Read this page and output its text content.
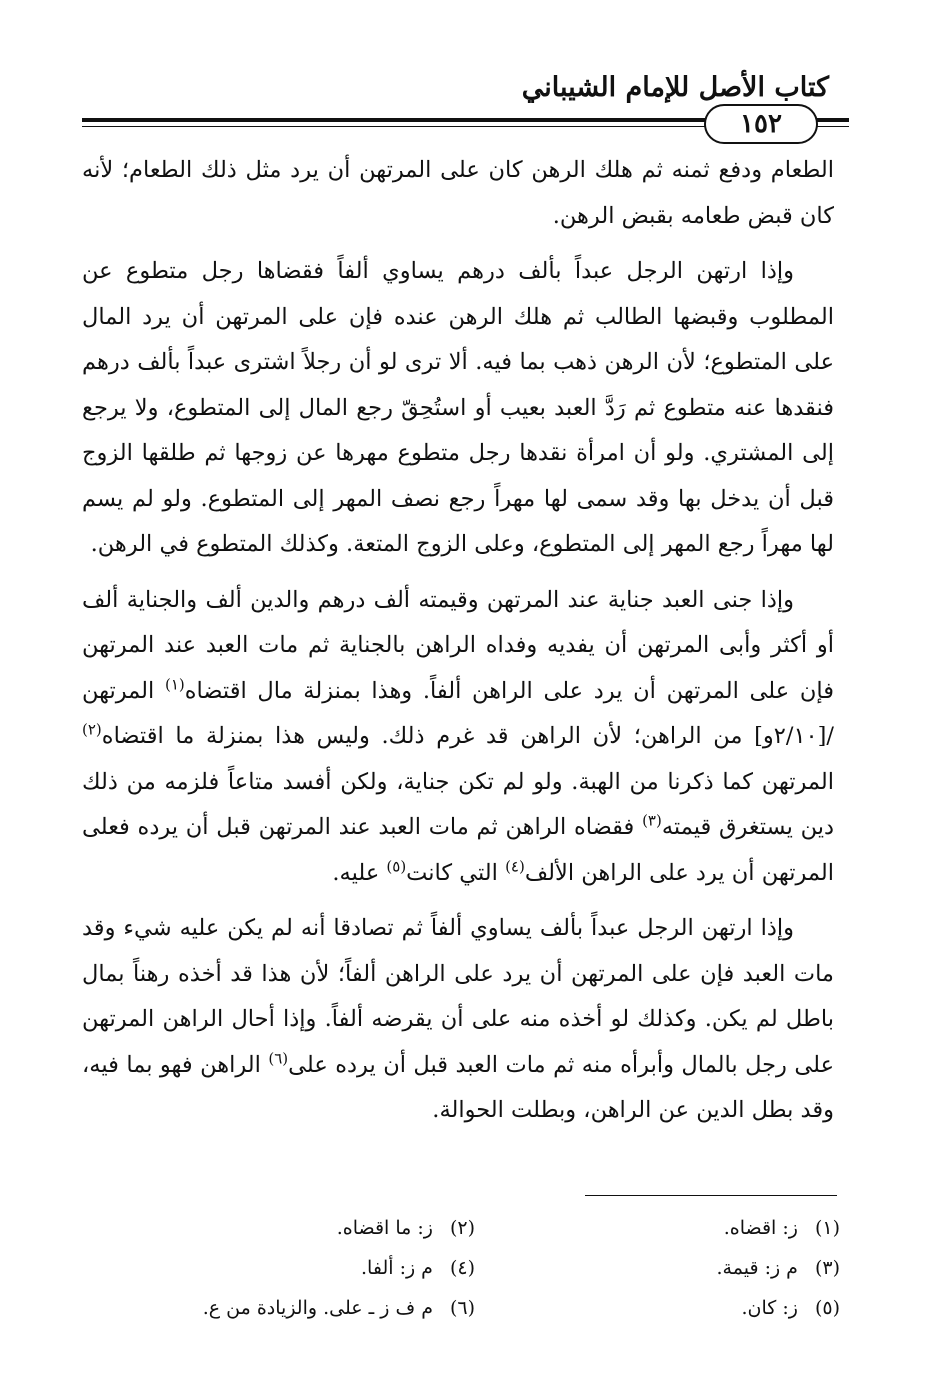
كتاب الأصل للإمام الشيباني
١٥٢

الطعام ودفع ثمنه ثم هلك الرهن كان على المرتهن أن يرد مثل ذلك الطعام؛ لأنه كان قبض طعامه بقبض الرهن.

وإذا ارتهن الرجل عبداً بألف درهم يساوي ألفاً فقضاها رجل متطوع عن المطلوب وقبضها الطالب ثم هلك الرهن عنده فإن على المرتهن أن يرد المال على المتطوع؛ لأن الرهن ذهب بما فيه. ألا ترى لو أن رجلاً اشترى عبداً بألف درهم فنقدها عنه متطوع ثم رَدَّ العبد بعيب أو استُحِقّ رجع المال إلى المتطوع، ولا يرجع إلى المشتري. ولو أن امرأة نقدها رجل متطوع مهرها عن زوجها ثم طلقها الزوج قبل أن يدخل بها وقد سمى لها مهراً رجع نصف المهر إلى المتطوع. ولو لم يسم لها مهراً رجع المهر إلى المتطوع، وعلى الزوج المتعة. وكذلك المتطوع في الرهن.

وإذا جنى العبد جناية عند المرتهن وقيمته ألف درهم والدين ألف والجناية ألف أو أكثر وأبى المرتهن أن يفديه وفداه الراهن بالجناية ثم مات العبد عند المرتهن فإن على المرتهن أن يرد على الراهن ألفاً. وهذا بمنزلة مال اقتضاه$^{(١)}$ المرتهن /[٢/١٠و] من الراهن؛ لأن الراهن قد غرم ذلك. وليس هذا بمنزلة ما اقتضاه$^{(٢)}$ المرتهن كما ذكرنا من الهبة. ولو لم تكن جناية، ولكن أفسد متاعاً فلزمه من ذلك دين يستغرق قيمته$^{(٣)}$ فقضاه الراهن ثم مات العبد عند المرتهن قبل أن يرده فعلى المرتهن أن يرد على الراهن الألف$^{(٤)}$ التي كانت$^{(٥)}$ عليه.

وإذا ارتهن الرجل عبداً بألف يساوي ألفاً ثم تصادقا أنه لم يكن عليه شيء وقد مات العبد فإن على المرتهن أن يرد على الراهن ألفاً؛ لأن هذا قد أخذه رهناً بمال باطل لم يكن. وكذلك لو أخذه منه على أن يقرضه ألفاً. وإذا أحال الراهن المرتهن على رجل بالمال وأبرأه منه ثم مات العبد قبل أن يرده على$^{(٦)}$ الراهن فهو بما فيه، وقد بطل الدين عن الراهن، وبطلت الحوالة.

(١) ز: اقضاه.
(٢) ز: ما اقضاه.
(٣) م ز: قيمة.
(٤) م ز: ألفا.
(٥) ز: كان.
(٦) م ف ز ـ على. والزيادة من ع.
